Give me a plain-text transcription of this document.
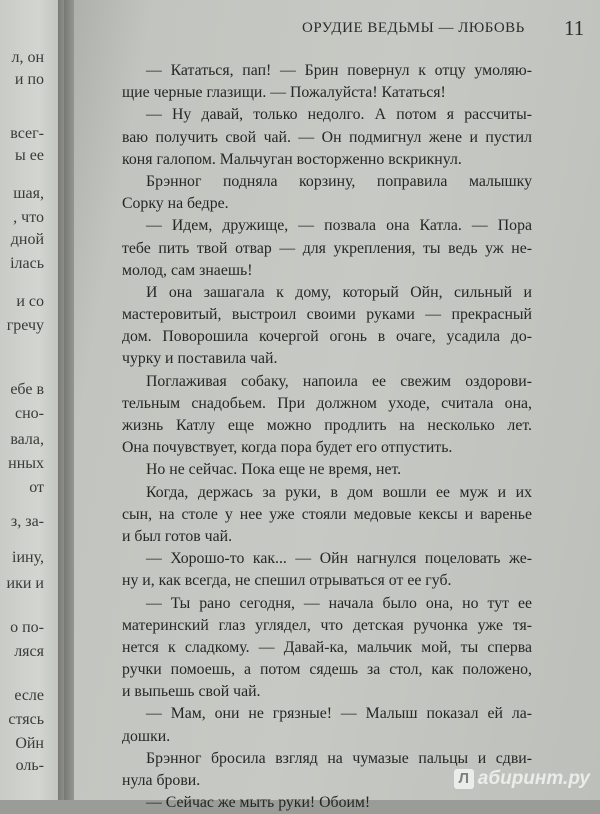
л, он
и по
всег-
ы ее
шая,
, что
дной
ілась
и со
гречу
ебе в
сно-
вала,
нных
от
з, за-
іину,
ики и
о по-
ляся
есле
стясь
Ойн
оль-
ОРУДИЕ ВЕДЬМЫ — ЛЮБОВЬ 11
— Кататься, пап! — Брин повернул к отцу умоляю-
щие черные глазищи. — Пожалуйста! Кататься!
— Ну давай, только недолго. А потом я рассчиты-
ваю получить свой чай. — Он подмигнул жене и пустил
коня галопом. Мальчуган восторженно вскрикнул.
Брэнног подняла корзину, поправила малышку
Сорку на бедре.
— Идем, дружище, — позвала она Катла. — Пора
тебе пить твой отвар — для укрепления, ты ведь уж не-
молод, сам знаешь!
И она зашагала к дому, который Ойн, сильный и
мастеровитый, выстроил своими руками — прекрасный
дом. Поворошила кочергой огонь в очаге, усадила до-
чурку и поставила чай.
Поглаживая собаку, напоила ее свежим оздорови-
тельным снадобьем. При должном уходе, считала она,
жизнь Катлу еще можно продлить на несколько лет.
Она почувствует, когда пора будет его отпустить.
Но не сейчас. Пока еще не время, нет.
Когда, держась за руки, в дом вошли ее муж и их
сын, на столе у нее уже стояли медовые кексы и варенье
и был готов чай.
— Хорошо-то как... — Ойн нагнулся поцеловать же-
ну и, как всегда, не спешил отрываться от ее губ.
— Ты рано сегодня, — начала было она, но тут ее
материнский глаз углядел, что детская ручонка уже тя-
нется к сладкому. — Давай-ка, мальчик мой, ты сперва
ручки помоешь, а потом сядешь за стол, как положено,
и выпьешь свой чай.
— Мам, они не грязные! — Малыш показал ей ла-
дошки.
Брэнног бросила взгляд на чумазые пальцы и сдви-
нула брови.
— Сейчас же мыть руки! Обоим!
Л абиринт.ру
